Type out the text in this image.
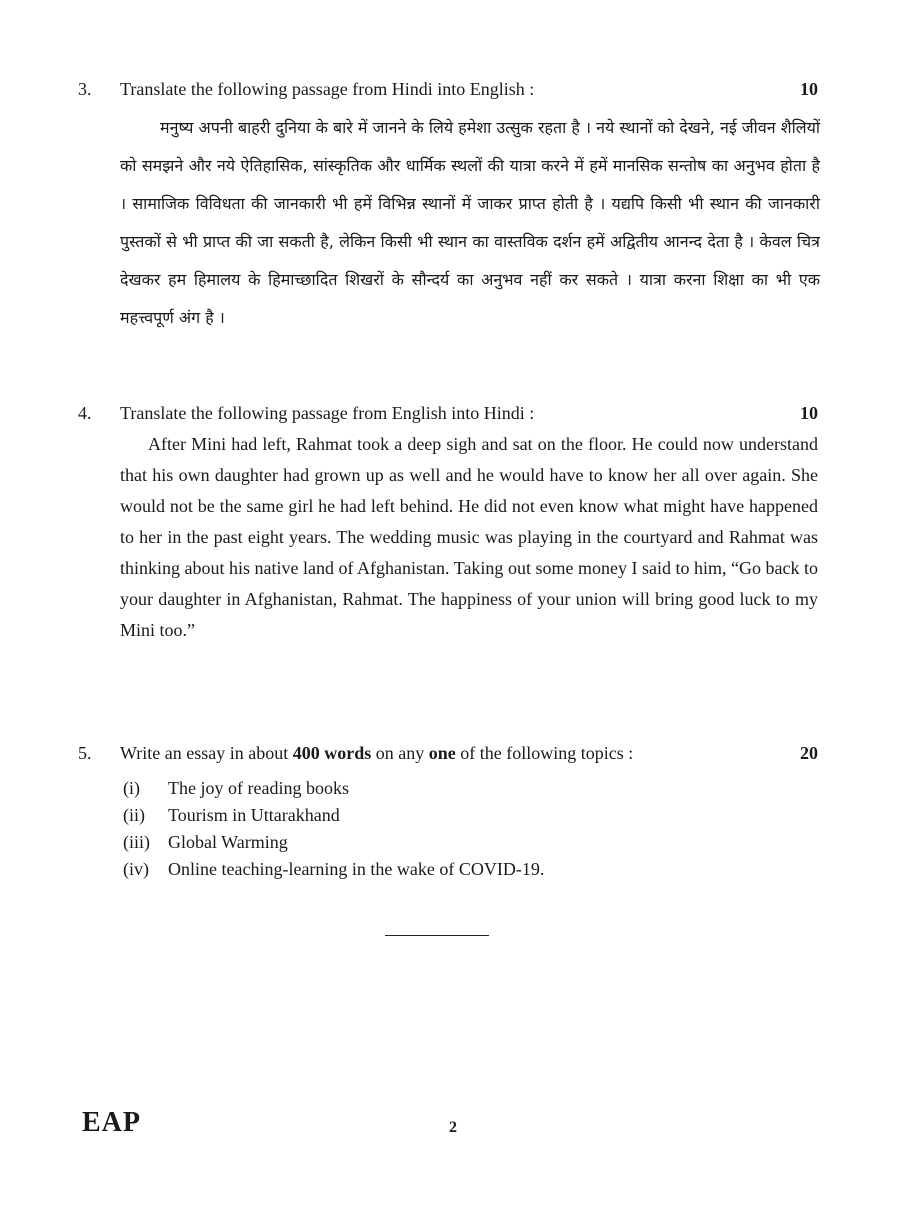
3. Translate the following passage from Hindi into English :	10
मनुष्य अपनी बाहरी दुनिया के बारे में जानने के लिये हमेशा उत्सुक रहता है । नये स्थानों को देखने, नई जीवन शैलियों को समझने और नये ऐतिहासिक, सांस्कृतिक और धार्मिक स्थलों की यात्रा करने में हमें मानसिक सन्तोष का अनुभव होता है । सामाजिक विविधता की जानकारी भी हमें विभिन्न स्थानों में जाकर प्राप्त होती है । यद्यपि किसी भी स्थान की जानकारी पुस्तकों से भी प्राप्त की जा सकती है, लेकिन किसी भी स्थान का वास्तविक दर्शन हमें अद्वितीय आनन्द देता है । केवल चित्र देखकर हम हिमालय के हिमाच्छादित शिखरों के सौन्दर्य का अनुभव नहीं कर सकते । यात्रा करना शिक्षा का भी एक महत्त्वपूर्ण अंग है ।
4. Translate the following passage from English into Hindi :	10
After Mini had left, Rahmat took a deep sigh and sat on the floor. He could now understand that his own daughter had grown up as well and he would have to know her all over again. She would not be the same girl he had left behind. He did not even know what might have happened to her in the past eight years. The wedding music was playing in the courtyard and Rahmat was thinking about his native land of Afghanistan. Taking out some money I said to him, “Go back to your daughter in Afghanistan, Rahmat. The happiness of your union will bring good luck to my Mini too.”
5. Write an essay in about 400 words on any one of the following topics :	20
(i)	The joy of reading books
(ii)	Tourism in Uttarakhand
(iii)	Global Warming
(iv)	Online teaching-learning in the wake of COVID-19.
EAP	2
